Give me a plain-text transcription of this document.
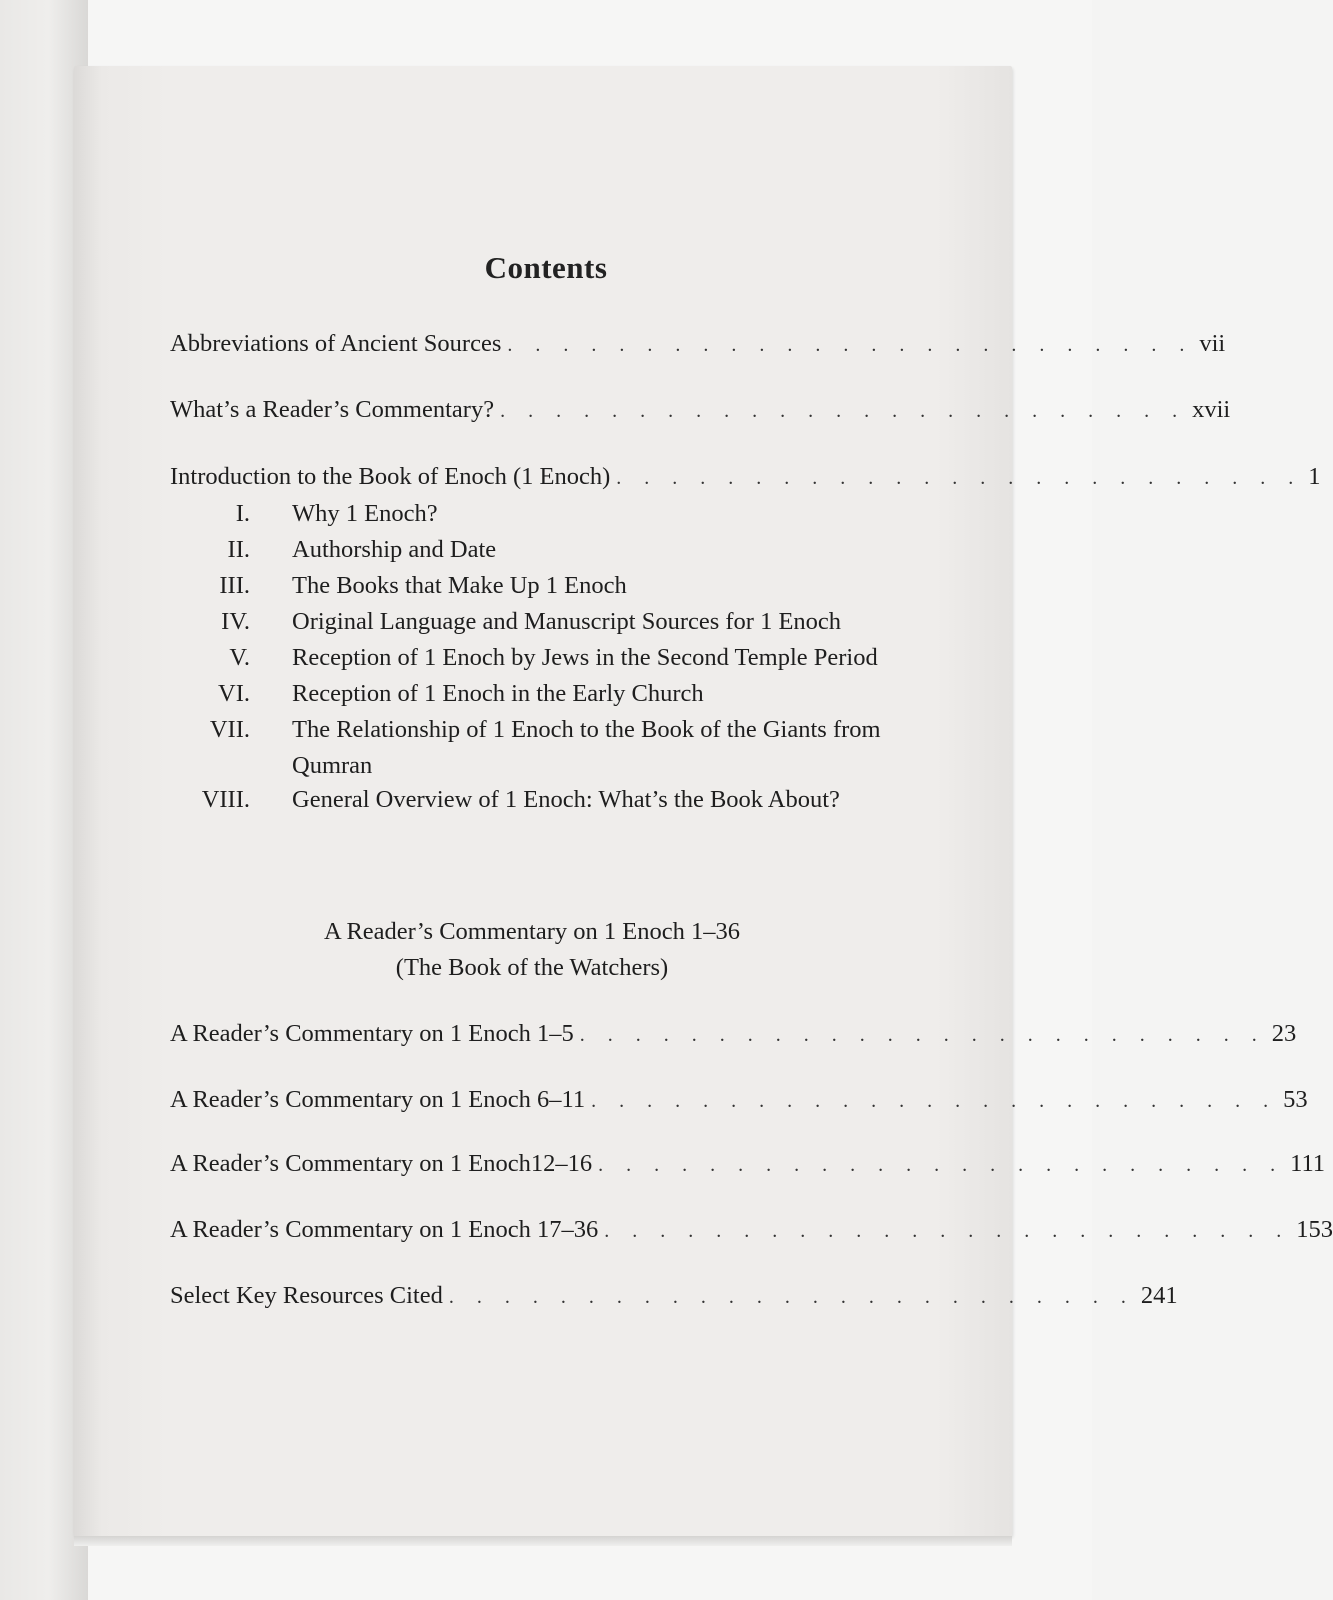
Contents
Abbreviations of Ancient Sources . . . . . . . . . . . . . . . . . . . . . . . . . vii
What’s a Reader’s Commentary? . . . . . . . . . . . . . . . . . . . . . . . . . xvii
Introduction to the Book of Enoch (1 Enoch) . . . . . . . . . . . . . . . . . . . . . . . . . 1
I. Why 1 Enoch?
II. Authorship and Date
III. The Books that Make Up 1 Enoch
IV. Original Language and Manuscript Sources for 1 Enoch
V. Reception of 1 Enoch by Jews in the Second Temple Period
VI. Reception of 1 Enoch in the Early Church
VII. The Relationship of 1 Enoch to the Book of the Giants from
Qumran
VIII. General Overview of 1 Enoch: What’s the Book About?
A Reader’s Commentary on 1 Enoch 1–36
(The Book of the Watchers)
A Reader’s Commentary on 1 Enoch 1–5 . . . . . . . . . . . . . . . . . . . . . . . . . 23
A Reader’s Commentary on 1 Enoch 6–11 . . . . . . . . . . . . . . . . . . . . . . . . . 53
A Reader’s Commentary on 1 Enoch12–16 . . . . . . . . . . . . . . . . . . . . . . . . . 111
A Reader’s Commentary on 1 Enoch 17–36 . . . . . . . . . . . . . . . . . . . . . . . . . 153
Select Key Resources Cited . . . . . . . . . . . . . . . . . . . . . . . . . 241
